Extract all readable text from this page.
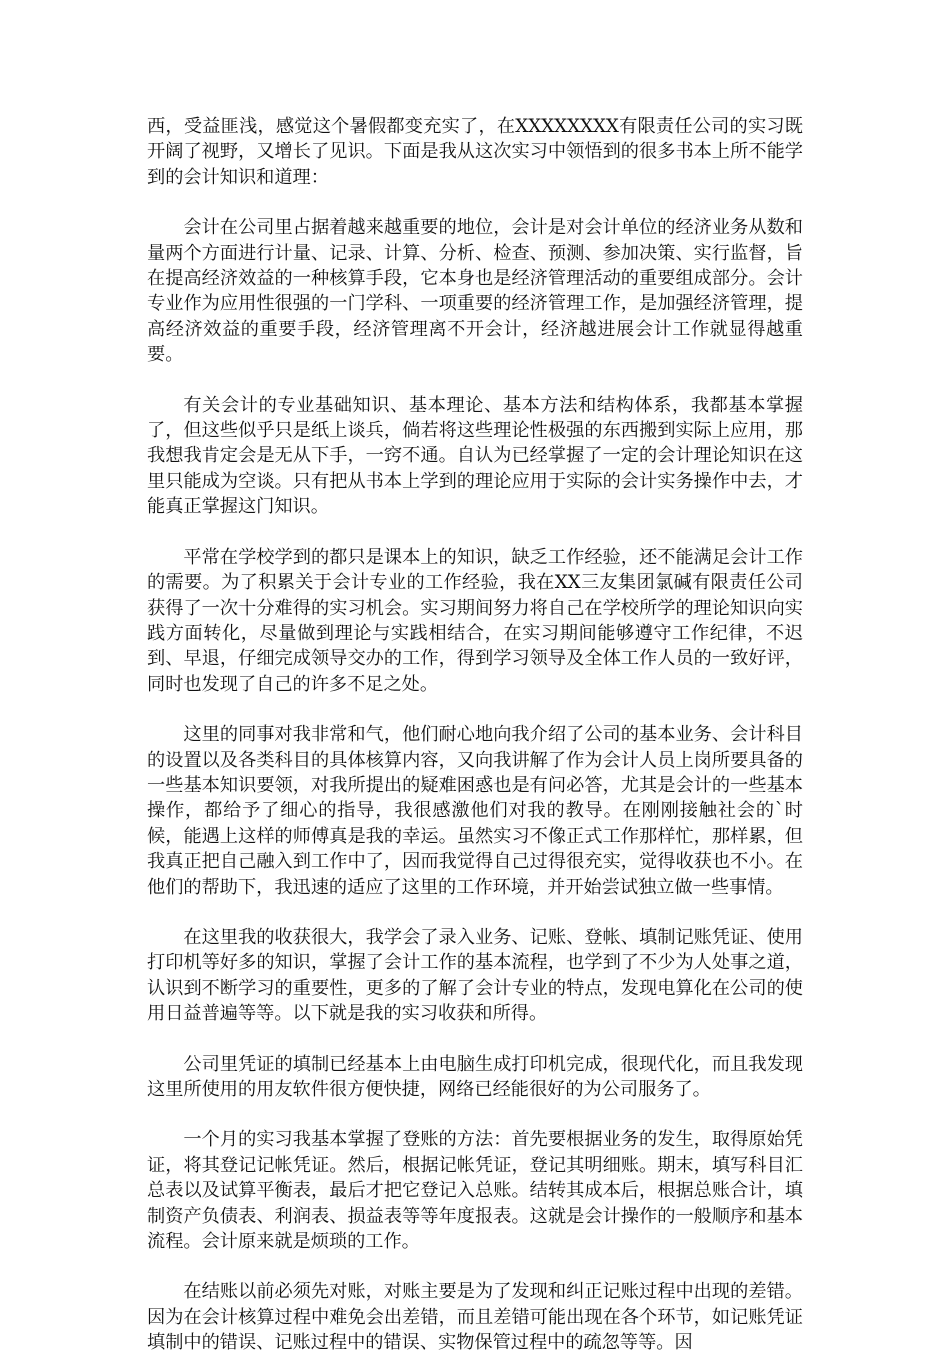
西，受益匪浅，感觉这个暑假都变充实了，在XXXXXXXX有限责任公司的实习既开阔了视野，又增长了见识。下面是我从这次实习中领悟到的很多书本上所不能学到的会计知识和道理：

会计在公司里占据着越来越重要的地位，会计是对会计单位的经济业务从数和量两个方面进行计量、记录、计算、分析、检查、预测、参加决策、实行监督，旨在提高经济效益的一种核算手段，它本身也是经济管理活动的重要组成部分。会计专业作为应用性很强的一门学科、一项重要的经济管理工作，是加强经济管理，提高经济效益的重要手段，经济管理离不开会计，经济越进展会计工作就显得越重要。

有关会计的专业基础知识、基本理论、基本方法和结构体系，我都基本掌握了，但这些似乎只是纸上谈兵，倘若将这些理论性极强的东西搬到实际上应用，那我想我肯定会是无从下手，一窍不通。自认为已经掌握了一定的会计理论知识在这里只能成为空谈。只有把从书本上学到的理论应用于实际的会计实务操作中去，才能真正掌握这门知识。

平常在学校学到的都只是课本上的知识，缺乏工作经验，还不能满足会计工作的需要。为了积累关于会计专业的工作经验，我在XX三友集团氯碱有限责任公司获得了一次十分难得的实习机会。实习期间努力将自己在学校所学的理论知识向实践方面转化，尽量做到理论与实践相结合，在实习期间能够遵守工作纪律，不迟到、早退，仔细完成领导交办的工作，得到学习领导及全体工作人员的一致好评，同时也发现了自己的许多不足之处。

这里的同事对我非常和气，他们耐心地向我介绍了公司的基本业务、会计科目的设置以及各类科目的具体核算内容，又向我讲解了作为会计人员上岗所要具备的一些基本知识要领，对我所提出的疑难困惑也是有问必答，尤其是会计的一些基本操作，都给予了细心的指导，我很感激他们对我的教导。在刚刚接触社会的`时候，能遇上这样的师傅真是我的幸运。虽然实习不像正式工作那样忙，那样累，但我真正把自己融入到工作中了，因而我觉得自己过得很充实，觉得收获也不小。在他们的帮助下，我迅速的适应了这里的工作环境，并开始尝试独立做一些事情。

在这里我的收获很大，我学会了录入业务、记账、登帐、填制记账凭证、使用打印机等好多的知识，掌握了会计工作的基本流程，也学到了不少为人处事之道，认识到不断学习的重要性，更多的了解了会计专业的特点，发现电算化在公司的使用日益普遍等等。以下就是我的实习收获和所得。

公司里凭证的填制已经基本上由电脑生成打印机完成，很现代化，而且我发现这里所使用的用友软件很方便快捷，网络已经能很好的为公司服务了。

一个月的实习我基本掌握了登账的方法：首先要根据业务的发生，取得原始凭证，将其登记记帐凭证。然后，根据记帐凭证，登记其明细账。期末，填写科目汇总表以及试算平衡表，最后才把它登记入总账。结转其成本后，根据总账合计，填制资产负债表、利润表、损益表等等年度报表。这就是会计操作的一般顺序和基本流程。会计原来就是烦琐的工作。

在结账以前必须先对账，对账主要是为了发现和纠正记账过程中出现的差错。因为在会计核算过程中难免会出差错，而且差错可能出现在各个环节，如记账凭证填制中的错误、记账过程中的错误、实物保管过程中的疏忽等等。因
